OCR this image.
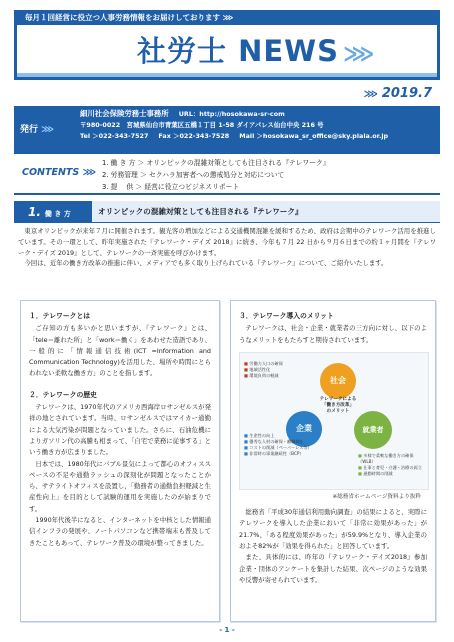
毎月１回経営に役立つ人事労務情報をお届けしております ⋙
社労士 NEWS ⋙
⋙ 2019.7
発行 ⋙
細川社会保険労務士事務所 URL：http://hosokawa-sr-com
〒980-0022　宮城県仙台市青葉区五橋１丁目 1-58 ダイアパレス仙台中央 216 号
Tel ＞022-343-7527 Fax ＞022-343-7528 Mail ＞hosokawa_sr_office@sky.plala.or.jp
CONTENTS ⋙
1. 働 き 方 ＞ オリンピックの混雑対策としても注目される『テレワーク』
2. 労務管理 ＞ セクハラ加害者への懲戒処分と対応について
3. 提　 供 ＞ 経営に役立つビジネスリポート
1. 働 き 方	オリンピックの混雑対策としても注目される『テレワーク』

東京オリンピックが来年７月に開催されます。観光客の増加などによる交通機関混雑を緩和するため、政府は会期中のテレワーク活用を推進しています。その一環として、昨年実施された『テレワーク・デイズ 2018』に続き、今年も７月 22 日から９月６日までの約１ヶ月間を『テレワーク・デイズ 2019』として、テレワークの一斉実施を呼びかけます。

今回は、近年の働き方改革の推進に伴い、メディアでも多く取り上げられている『テレワーク』について、ご紹介いたします。

１．テレワークとは
ご存知の方も多いかと思いますが、『テレワーク』とは、「tele＝離れた所」と「work＝働く」をあわせた造語であり、一般的に「情報通信技術(ICT =Information and Communication Technology)を活用した、場所や時間にとらわれない柔軟な働き方」のことを指します。
２．テレワークの歴史
テレワークは、1970年代のアメリカ西海岸ロサンゼルスが発祥の地とされています。当時、ロサンゼルスではマイカー通勤による大気汚染が問題となっていました。さらに、石油危機によりガソリン代の高騰も相まって、「自宅で業務に従事する」という働き方が広まりました。
日本では、1980年代にバブル景気によって都心のオフィススペースの不足や通勤ラッシュの深刻化が問題となったことから、サテライトオフィスを設置し、「勤務者の通勤負担軽減と生産性向上」を目的として試験的運用を実施したのが始まりです。
1990年代後半になると、インターネットを中核とした情報通信インフラの発展や、ノートパソコンなど携帯端末も普及してきたこともあって、テレワーク普及の環境が整ってきました。
３．テレワーク導入のメリット
テレワークは、社会・企業・就業者の三方向に対し、以下のようなメリットをもたらすと期待されています。
■ 労働力人口の確保
■ 地域活性化
■ 環境負荷の軽減
社会
テレワークによる
「働き方改革」
のメリット
企業	就業者
■ 生産性の向上
■ 優秀な人材の確保・離職抑止
■ コストの削減（ペーパーレス等）
■ 非常時の事業継続性（BCP）
■	多様で柔軟な働き方の確保（WLB）
■ 仕事と育児・介護・治療の両立
■ 通勤時間の削減
※総務省ホームページ資料より抜粋
総務省「平成30年通信利用動向調査」の結果によると、実際にテレワークを導入した企業において「非常に効果があった」が21.7%、「ある程度効果があった」が59.9%となり、導入企業のおよそ82%が「効果を得られた」と回答しています。
また、具体的には、昨年の『テレワーク・デイズ2018』参加企業・団体のアンケートを集計した結果、次ページのような効果や反響が寄せられています。
- 1 -
